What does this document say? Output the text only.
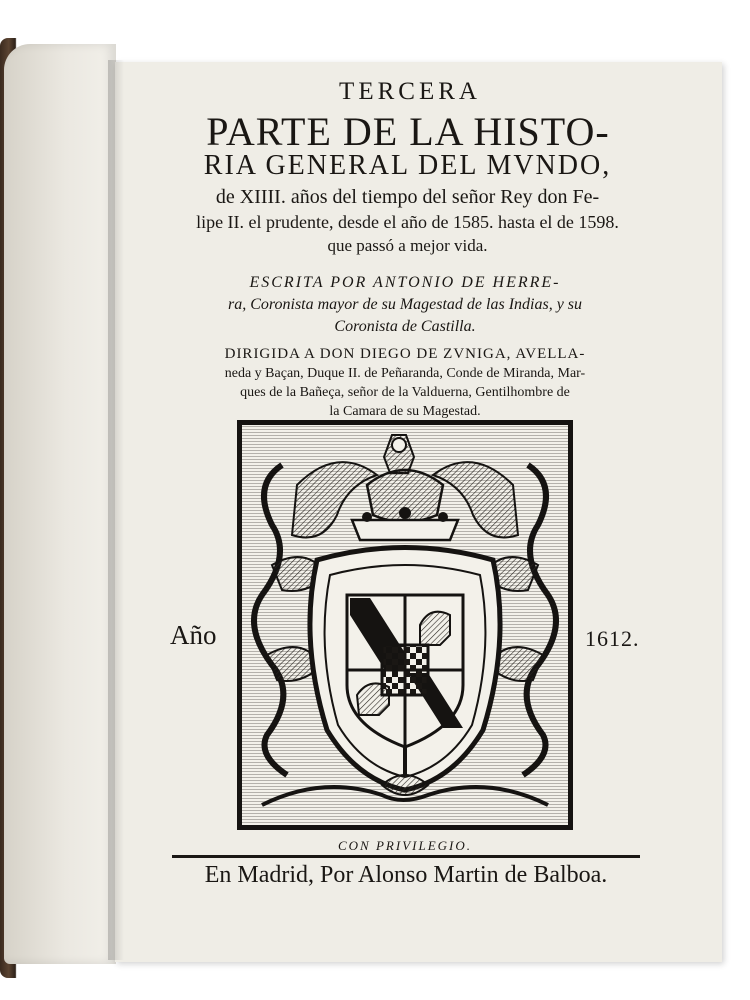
TERCERA
PARTE DE LA HISTO-
RIA GENERAL DEL MVNDO,
de XIIII. años del tiempo del señor Rey don Fe-
lipe II. el prudente, desde el año de 1585. hasta el de 1598.
que passó a mejor vida.
ESCRITA POR ANTONIO DE HERRE-
ra, Coronista mayor de su Magestad de las Indias, y su
Coronista de Castilla.
DIRIGIDA A DON DIEGO DE ZVNIGA, AVELLA-
neda y Baçan, Duque II. de Peñaranda, Conde de Miranda, Mar-
ques de la Bañeça, señor de la Valduerna, Gentilhombre de
la Camara de su Magestad.
Año	1612.
CON PRIVILEGIO.
En Madrid, Por Alonso Martin de Balboa.
